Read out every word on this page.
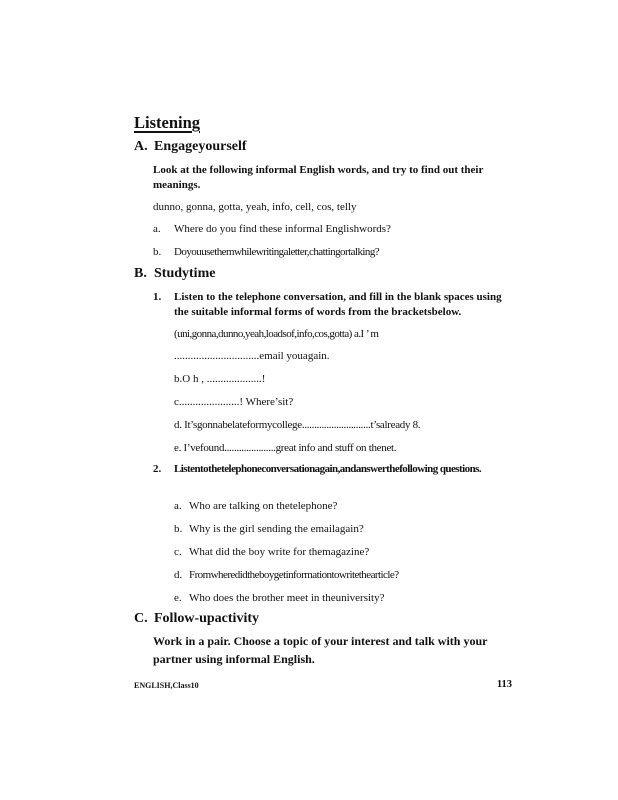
Listening
A. Engageyourself

Look at the following informal English words, and try to find out their meanings.

dunno, gonna, gotta, yeah, info, cell, cos, telly

a. Where do you find these informal Englishwords?

b. Doyouusethemwhilewritingaletter,chattingortalking?

B. Studytime
1.	Listen to the telephone conversation, and fill in the blank spaces using the suitable informal forms of words from the bracketsbelow.

(uni,gonna,dunno,yeah,loadsof,info,cos,gotta) a.I ’ m

...............................email youagain.

b.O h , ....................!

c......................! Where’sit?

d. It’sgonnabelateformycollege............................t’salready 8.

e. I’vefound.....................great info and stuff on thenet.

2.	Listentothetelephoneconversationagain,andanswerthefollowing questions.

a. Who are talking on thetelephone?

b. Why is the girl sending the emailagain?

c. What did the boy write for themagazine?

d. Fromwheredidtheboygetinformationtowritethearticle?

e. Who does the brother meet in theuniversity?

C. Follow-upactivity

Work in a pair. Choose a topic of your interest and talk with your partner using informal English.

ENGLISH,Class10	113
